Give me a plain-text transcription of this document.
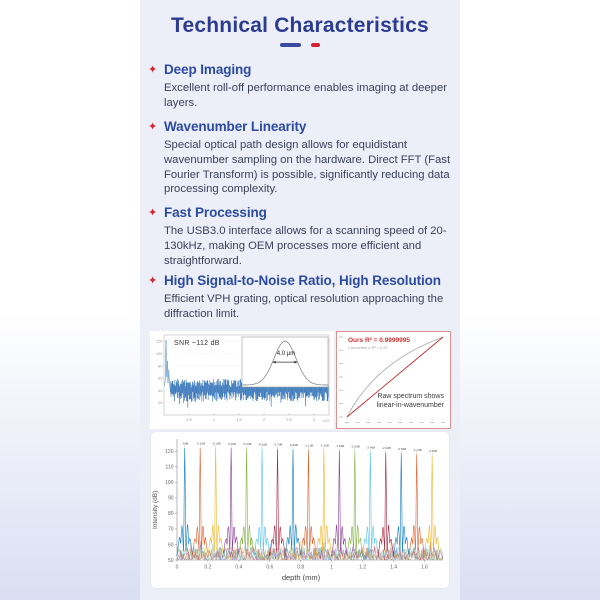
Technical Characteristics

✦ Deep Imaging

Excellent roll-off performance enables imaging at deeper layers.

✦ Wavenumber Linearity

Special optical path design allows for equidistant wavenumber sampling on the hardware. Direct FFT (Fast Fourier Transform) is possible, significantly reducing data processing complexity.

✦ Fast Processing

The USB3.0 interface allows for a scanning speed of 20-130kHz, making OEM processes more efficient and straightforward.

✦ High Signal-to-Noise Ratio, High Resolution

Efficient VPH grating, optical resolution approaching the diffraction limit.

20
40
60
80
100
120
0.5	1	1.5	2	2.5	3 ×10⁴
SNR ~112 dB
4.0 μm
Ours R² = 0.9999995
Competitor's R² = 0.97
Raw spectrum shows linear-in-wavenumber
50
60
70
80
90
100
110
120
0	0.2	0.4	0.6	0.8	1	1.2	1.4	1.6
-0dB	-0.1dB -0.1dB -0.2dB -0.3dB -0.5dB -0.7dB -0.9dB -1.1dB -1.3dB -1.6dB -2.0dB -2.4dB -2.9dB -3.5dB -4.2dB -4.9dB
Intensity (dB)
depth (mm)
